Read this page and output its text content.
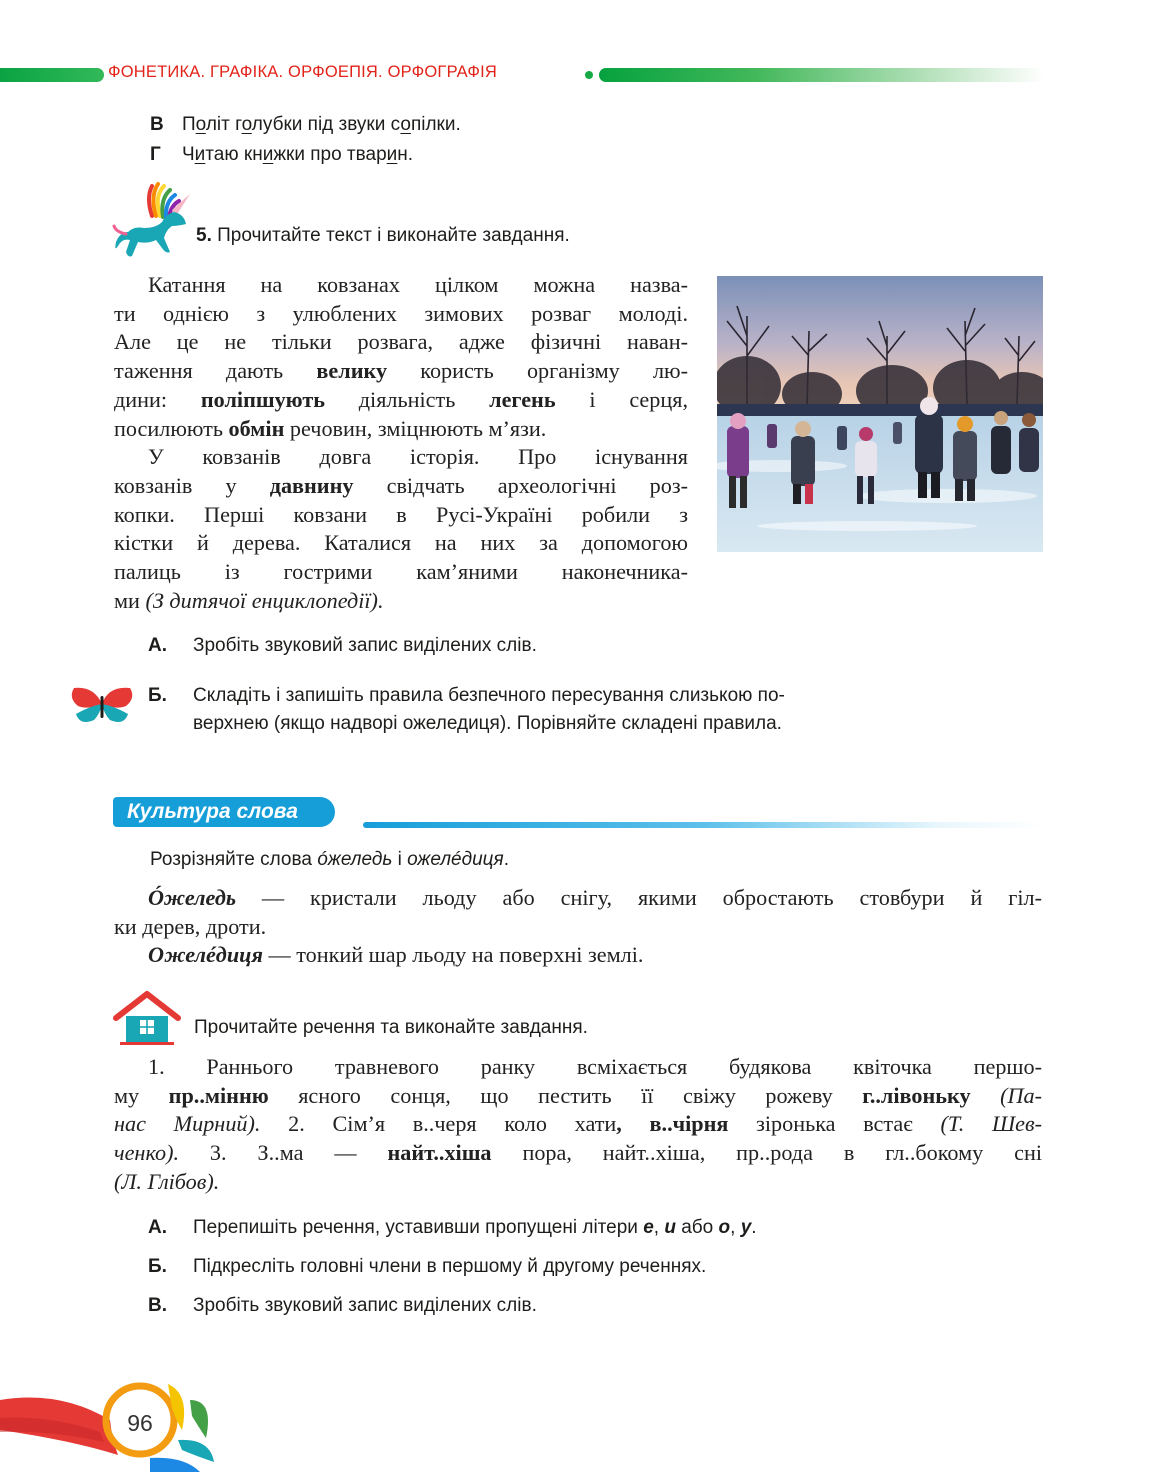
ФОНЕТИКА. ГРАФІКА. ОРФОЕПІЯ. ОРФОГРАФІЯ
В Політ голубки під звуки сопілки.
Г Читаю книжки про тварин.
5. Прочитайте текст і виконайте завдання.
Катання на ковзанах цілком можна назва-
ти однією з улюблених зимових розваг молоді.
Але це не тільки розвага, адже фізичні наван-
таження дають велику користь організму лю-
дини: поліпшують діяльність легень і серця,
посилюють обмін речовин, зміцнюють м’язи.
У ковзанів довга історія. Про існування
ковзанів у давнину свідчать археологічні роз-
копки. Перші ковзани в Русі-Україні робили з
кістки й дерева. Каталися на них за допомогою
палиць із гострими кам’яними наконечника-
ми (З дитячої енциклопедії).
А. Зробіть звуковий запис виділених слів.
Б. Складіть і запишіть правила безпечного пересування слизькою по-
верхнею (якщо надворі ожеледиця). Порівняйте складені правила.
Культура слова
Розрізняйте слова óжеледь і ожелéдиця.
Óжеледь — кристали льоду або снігу, якими обростають стовбури й гіл-
ки дерев, дроти.
Ожелéдиця — тонкий шар льоду на поверхні землі.
Прочитайте речення та виконайте завдання.
1. Раннього травневого ранку всміхається будякова квіточка першо-
му пр..мінню ясного сонця, що пестить її свіжу рожеву г..лівоньку (Па-
нас Мирний). 2. Сім’я в..черя коло хати, в..чірня зіронька встає (Т. Шев-
ченко). 3. З..ма — найт..хіша пора, найт..хіша, пр..рода в гл..бокому сні
(Л. Глібов).
А. Перепишіть речення, уставивши пропущені літери е, и або о, у.
Б. Підкресліть головні члени в першому й другому реченнях.
В. Зробіть звуковий запис виділених слів.
96
